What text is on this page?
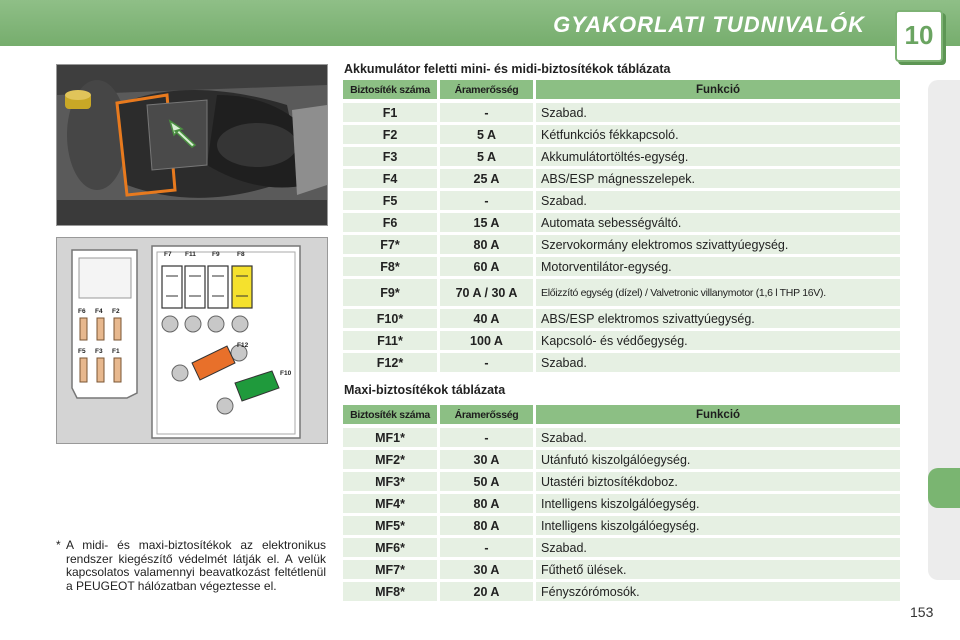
GYAKORLATI TUDNIVALÓK 10
F7 F11 F9	F8
F6 F4 F2
F5 F3 F1
F12
F10
Akkumulátor feletti mini- és midi-biztosítékok táblázata
Biztosíték száma	Áramerősség	Funkció
F1	-	Szabad.
F2	5 A	Kétfunkciós fékkapcsoló.
F3	5 A	Akkumulátortöltés-egység.
F4	25 A	ABS/ESP mágnesszelepek.
F5	-	Szabad.
F6	15 A	Automata sebességváltó.
F7*	80 A	Szervokormány elektromos szivattyúegység.
F8*	60 A	Motorventilátor-egység.
F9*	70 A / 30 A	Előizzító egység (dízel) / Valvetronic villanymotor (1,6 l THP 16V).
F10*	40 A	ABS/ESP elektromos szivattyúegység.
F11*	100 A	Kapcsoló- és védőegység.
F12*	-	Szabad.
Maxi-biztosítékok táblázata
Biztosíték száma	Áramerősség	Funkció
MF1*	-	Szabad.
MF2*	30 A	Utánfutó kiszolgálóegység.
MF3*	50 A	Utastéri biztosítékdoboz.
MF4*	80 A	Intelligens kiszolgálóegység.
MF5*	80 A	Intelligens kiszolgálóegység.
MF6*	-	Szabad.
MF7*	30 A	Fűthető ülések.
MF8*	20 A	Fényszórómosók.
* A midi- és maxi-biztosítékok az elektronikus rendszer kiegészítő védelmét látják el. A velük kapcsolatos valamennyi beavatkozást feltétlenül a PEUGEOT hálózatban végeztesse el.
153
